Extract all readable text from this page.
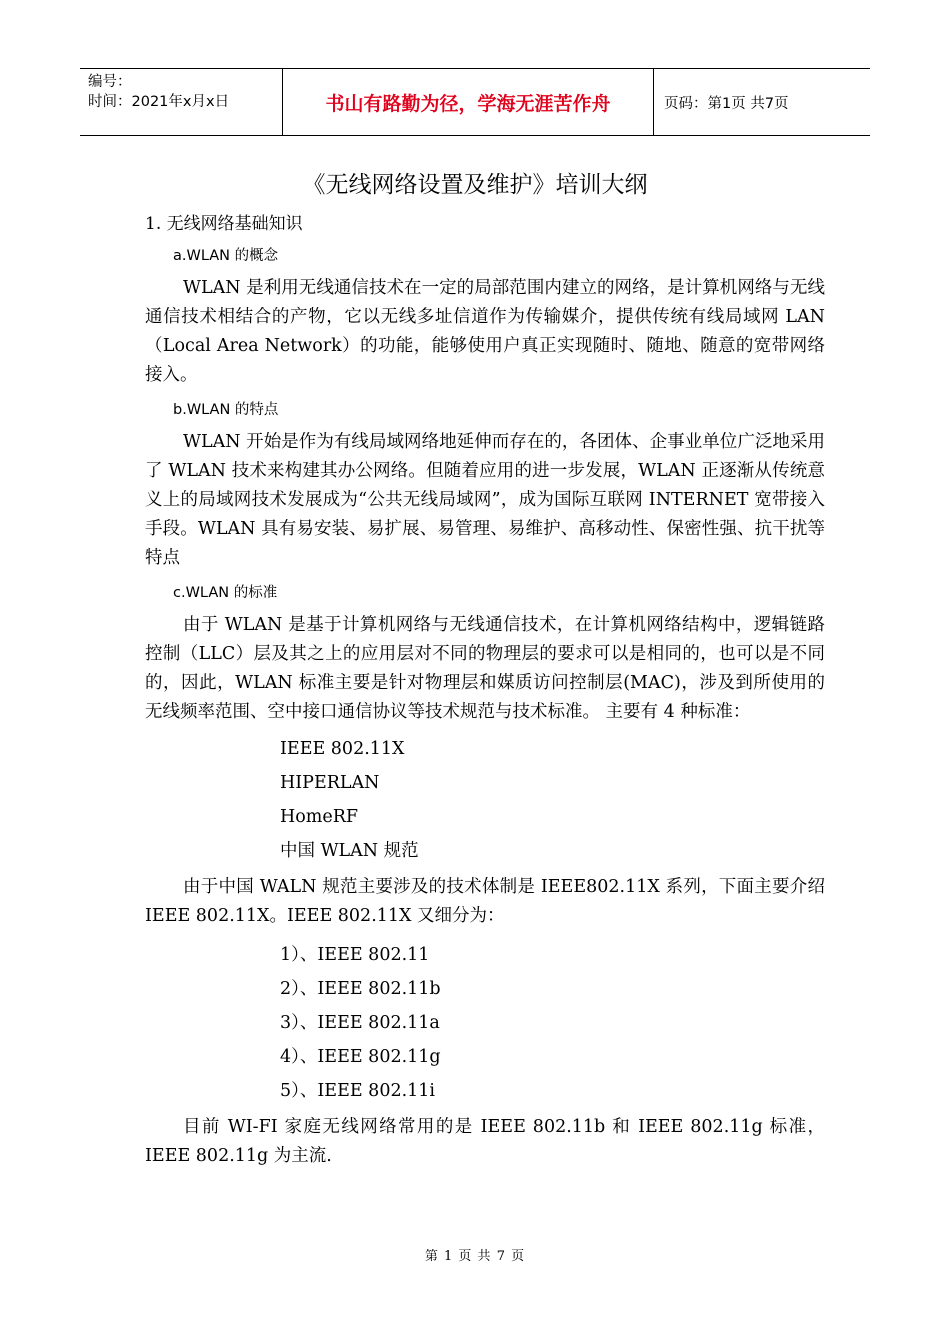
编号：
时间：2021年x月x日	书山有路勤为径，学海无涯苦作舟	页码：第1页 共7页
《无线网络设置及维护》培训大纲

1. 无线网络基础知识

a.WLAN 的概念

WLAN 是利用无线通信技术在一定的局部范围内建立的网络，是计算机网络与无线通信技术相结合的产物，它以无线多址信道作为传输媒介，提供传统有线局域网 LAN（Local Area Network）的功能，能够使用户真正实现随时、随地、随意的宽带网络接入。

b.WLAN 的特点

WLAN 开始是作为有线局域网络地延伸而存在的，各团体、企事业单位广泛地采用了 WLAN 技术来构建其办公网络。但随着应用的进一步发展，WLAN 正逐渐从传统意义上的局域网技术发展成为“公共无线局域网”，成为国际互联网 INTERNET 宽带接入手段。WLAN 具有易安装、易扩展、易管理、易维护、高移动性、保密性强、抗干扰等特点

c.WLAN 的标准

由于 WLAN 是基于计算机网络与无线通信技术，在计算机网络结构中，逻辑链路控制（LLC）层及其之上的应用层对不同的物理层的要求可以是相同的，也可以是不同的，因此，WLAN 标准主要是针对物理层和媒质访问控制层(MAC)，涉及到所使用的无线频率范围、空中接口通信协议等技术规范与技术标准。 主要有 4 种标准：

IEEE 802.11X

HIPERLAN

HomeRF

中国 WLAN 规范

由于中国 WALN 规范主要涉及的技术体制是 IEEE802.11X 系列，下面主要介绍 IEEE 802.11X。IEEE 802.11X 又细分为：

1）、IEEE 802.11

2）、IEEE 802.11b

3）、IEEE 802.11a

4）、IEEE 802.11g

5）、IEEE 802.11i

目前 WI-FI 家庭无线网络常用的是 IEEE 802.11b 和 IEEE 802.11g 标准，IEEE 802.11g 为主流.

第 1 页 共 7 页
